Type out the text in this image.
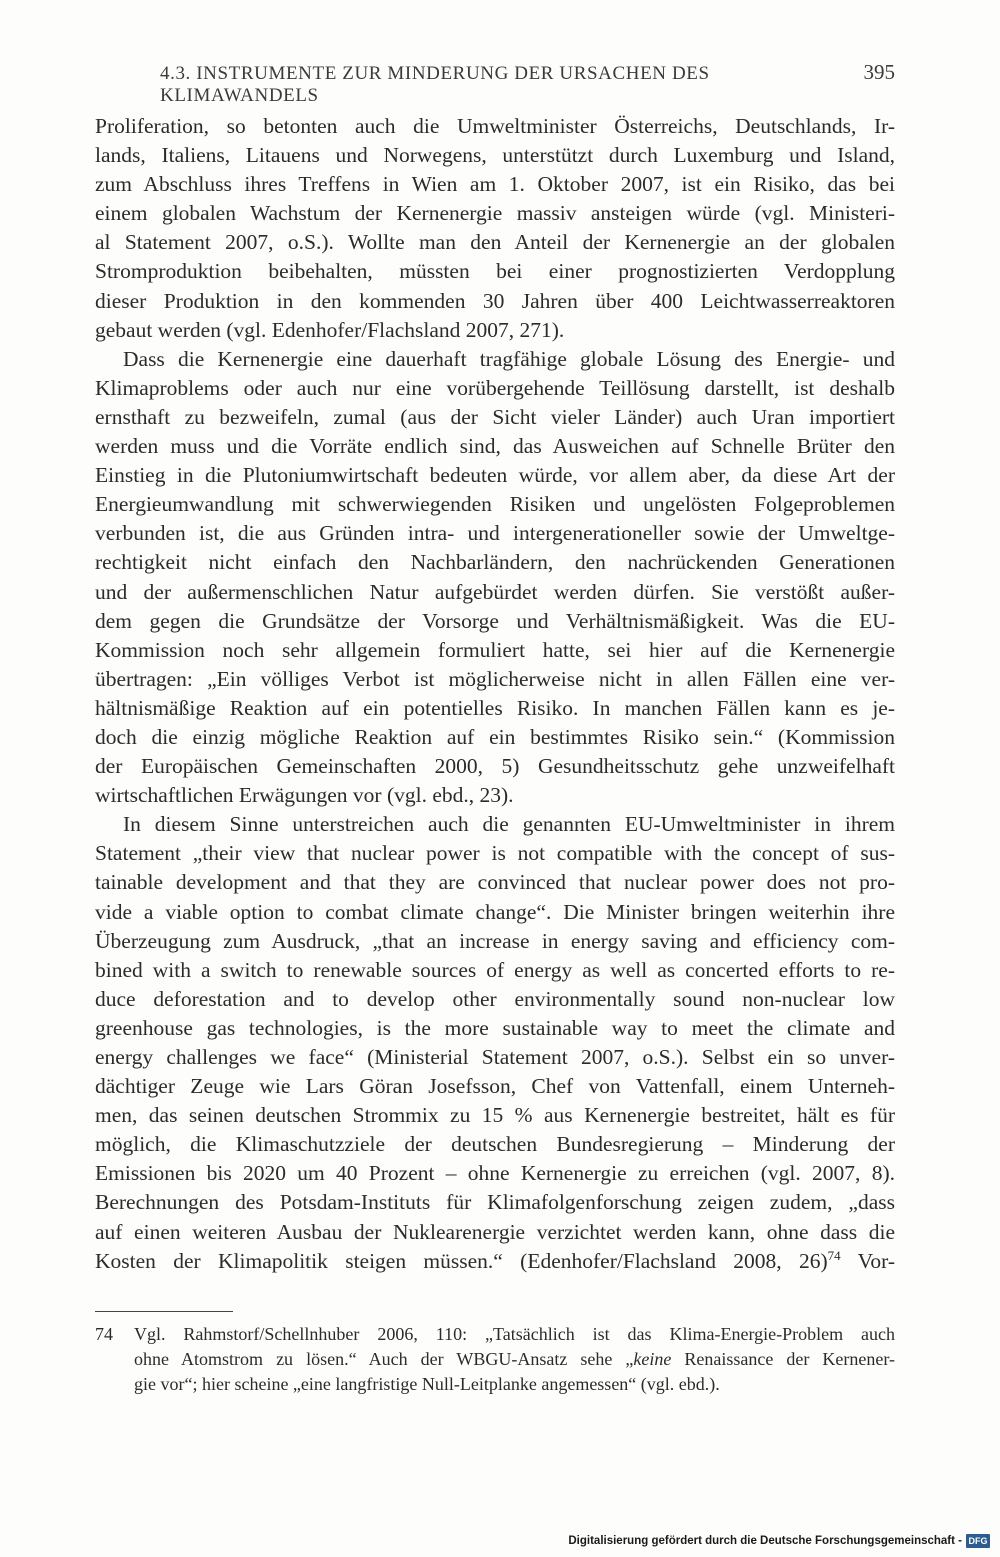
4.3. INSTRUMENTE ZUR MINDERUNG DER URSACHEN DES KLIMAWANDELS
395
Proliferation, so betonten auch die Umweltminister Österreichs, Deutschlands, Ir-
lands, Italiens, Litauens und Norwegens, unterstützt durch Luxemburg und Island,
zum Abschluss ihres Treffens in Wien am 1. Oktober 2007, ist ein Risiko, das bei
einem globalen Wachstum der Kernenergie massiv ansteigen würde (vgl. Ministeri-
al Statement 2007, o.S.). Wollte man den Anteil der Kernenergie an der globalen
Stromproduktion beibehalten, müssten bei einer prognostizierten Verdopplung
dieser Produktion in den kommenden 30 Jahren über 400 Leichtwasserreaktoren
gebaut werden (vgl. Edenhofer/Flachsland 2007, 271).
Dass die Kernenergie eine dauerhaft tragfähige globale Lösung des Energie- und
Klimaproblems oder auch nur eine vorübergehende Teillösung darstellt, ist deshalb
ernsthaft zu bezweifeln, zumal (aus der Sicht vieler Länder) auch Uran importiert
werden muss und die Vorräte endlich sind, das Ausweichen auf Schnelle Brüter den
Einstieg in die Plutoniumwirtschaft bedeuten würde, vor allem aber, da diese Art der
Energieumwandlung mit schwerwiegenden Risiken und ungelösten Folgeproblemen
verbunden ist, die aus Gründen intra- und intergenerationeller sowie der Umweltge-
rechtigkeit nicht einfach den Nachbarländern, den nachrückenden Generationen
und der außermenschlichen Natur aufgebürdet werden dürfen. Sie verstößt außer-
dem gegen die Grundsätze der Vorsorge und Verhältnismäßigkeit. Was die EU-
Kommission noch sehr allgemein formuliert hatte, sei hier auf die Kernenergie
übertragen: „Ein völliges Verbot ist möglicherweise nicht in allen Fällen eine ver-
hältnismäßige Reaktion auf ein potentielles Risiko. In manchen Fällen kann es je-
doch die einzig mögliche Reaktion auf ein bestimmtes Risiko sein.“ (Kommission
der Europäischen Gemeinschaften 2000, 5) Gesundheitsschutz gehe unzweifelhaft
wirtschaftlichen Erwägungen vor (vgl. ebd., 23).
In diesem Sinne unterstreichen auch die genannten EU-Umweltminister in ihrem
Statement „their view that nuclear power is not compatible with the concept of sus-
tainable development and that they are convinced that nuclear power does not pro-
vide a viable option to combat climate change“. Die Minister bringen weiterhin ihre
Überzeugung zum Ausdruck, „that an increase in energy saving and efficiency com-
bined with a switch to renewable sources of energy as well as concerted efforts to re-
duce deforestation and to develop other environmentally sound non-nuclear low
greenhouse gas technologies, is the more sustainable way to meet the climate and
energy challenges we face“ (Ministerial Statement 2007, o.S.). Selbst ein so unver-
dächtiger Zeuge wie Lars Göran Josefsson, Chef von Vattenfall, einem Unterneh-
men, das seinen deutschen Strommix zu 15 % aus Kernenergie bestreitet, hält es für
möglich, die Klimaschutzziele der deutschen Bundesregierung – Minderung der
Emissionen bis 2020 um 40 Prozent – ohne Kernenergie zu erreichen (vgl. 2007, 8).
Berechnungen des Potsdam-Instituts für Klimafolgenforschung zeigen zudem, „dass
auf einen weiteren Ausbau der Nuklearenergie verzichtet werden kann, ohne dass die
Kosten der Klimapolitik steigen müssen.“ (Edenhofer/Flachsland 2008, 26)$^{74}$ Vor-
74 Vgl. Rahmstorf/Schellnhuber 2006, 110: „Tatsächlich ist das Klima-Energie-Problem auch
ohne Atomstrom zu lösen.“ Auch der WBGU-Ansatz sehe „keine Renaissance der Kernener-
gie vor“; hier scheine „eine langfristige Null-Leitplanke angemessen“ (vgl. ebd.).
Digitalisierung gefördert durch die Deutsche Forschungsgemeinschaft - DFG
